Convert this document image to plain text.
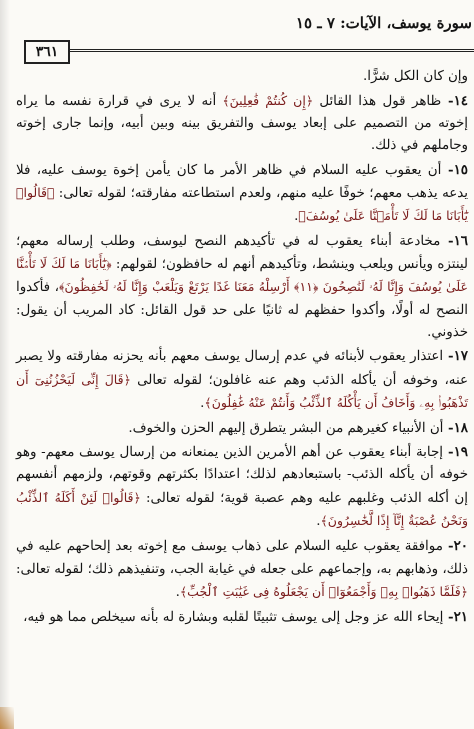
سورة يوسف، الآيات: ٧ ـ ١٥
٣٦١

وإن كان الكل شرًّا.

١٤- ظاهر قول هذا القائل ﴿إِن كُنتُمْ فَٰعِلِينَ﴾ أنه لا يرى في قرارة نفسه ما يراه إخوته من التصميم على إبعاد يوسف والتفريق بينه وبين أبيه، وإنما جارى إخوته وجاملهم في ذلك.

١٥- أن يعقوب عليه السلام في ظاهر الأمر ما كان يأمن إخوة يوسف عليه، فلا يدعه يذهب معهم؛ خوفًا عليه منهم، ولعدم استطاعته مفارقته؛ لقوله تعالى: ﴿قَالُوا۟ يَٰٓأَبَانَا مَا لَكَ لَا تَأْمَ۬نَّا عَلَىٰ يُوسُفَ﴾.

١٦- مخادعة أبناء يعقوب له في تأكيدهم النصح ليوسف، وطلب إرساله معهم؛ لينتزه ويأنس ويلعب وينشط، وتأكيدهم أنهم له حافظون؛ لقولهم: ﴿يَٰٓأَبَانَا مَا لَكَ لَا تَأْمَ۬نَّا عَلَىٰ يُوسُفَ وَإِنَّا لَهُۥ لَنَٰصِحُونَ ﴿١١﴾ أَرْسِلْهُ مَعَنَا غَدًا يَرْتَعْ وَيَلْعَبْ وَإِنَّا لَهُۥ لَحَٰفِظُونَ﴾، فأكدوا النصح له أولًا، وأكدوا حفظهم له ثانيًا على حد قول القائل: كاد المريب أن يقول: خذوني.

١٧- اعتذار يعقوب لأبنائه في عدم إرسال يوسف معهم بأنه يحزنه مفارقته ولا يصبر عنه، وخوفه أن يأكله الذئب وهم عنه غافلون؛ لقوله تعالى ﴿قَالَ إِنِّى لَيَحْزُنُنِىٓ أَن تَذْهَبُوا۟ بِهِۦ وَأَخَافُ أَن يَأْكُلَهُ ٱلذِّئْبُ وَأَنتُمْ عَنْهُ غَٰفِلُونَ﴾.

١٨- أن الأنبياء كغيرهم من البشر يتطرق إليهم الحزن والخوف.

١٩- إجابة أبناء يعقوب عن أهم الأمرين الذين يمنعانه من إرسال يوسف معهم- وهو خوفه أن يأكله الذئب- باستبعادهم لذلك؛ اعتدادًا بكثرتهم وقوتهم، ولزمهم أنفسهم إن أكله الذئب وغلبهم عليه وهم عصبة قوية؛ لقوله تعالى: ﴿قَالُوا۟ لَئِنْ أَكَلَهُ ٱلذِّئْبُ وَنَحْنُ عُصْبَةٌ إِنَّآ إِذًا لَّخَٰسِرُونَ﴾.

٢٠- موافقة يعقوب عليه السلام على ذهاب يوسف مع إخوته بعد إلحاحهم عليه في ذلك، وذهابهم به، وإجماعهم على جعله في غيابة الجب، وتنفيذهم ذلك؛ لقوله تعالى: ﴿فَلَمَّا ذَهَبُوا۟ بِهِۦ وَأَجْمَعُوٓا۟ أَن يَجْعَلُوهُ فِى غَيَٰبَتِ ٱلْجُبِّ﴾.

٢١- إيحاء الله عز وجل إلى يوسف تثبيتًا لقلبه وبشارة له بأنه سيخلص مما هو فيه،
